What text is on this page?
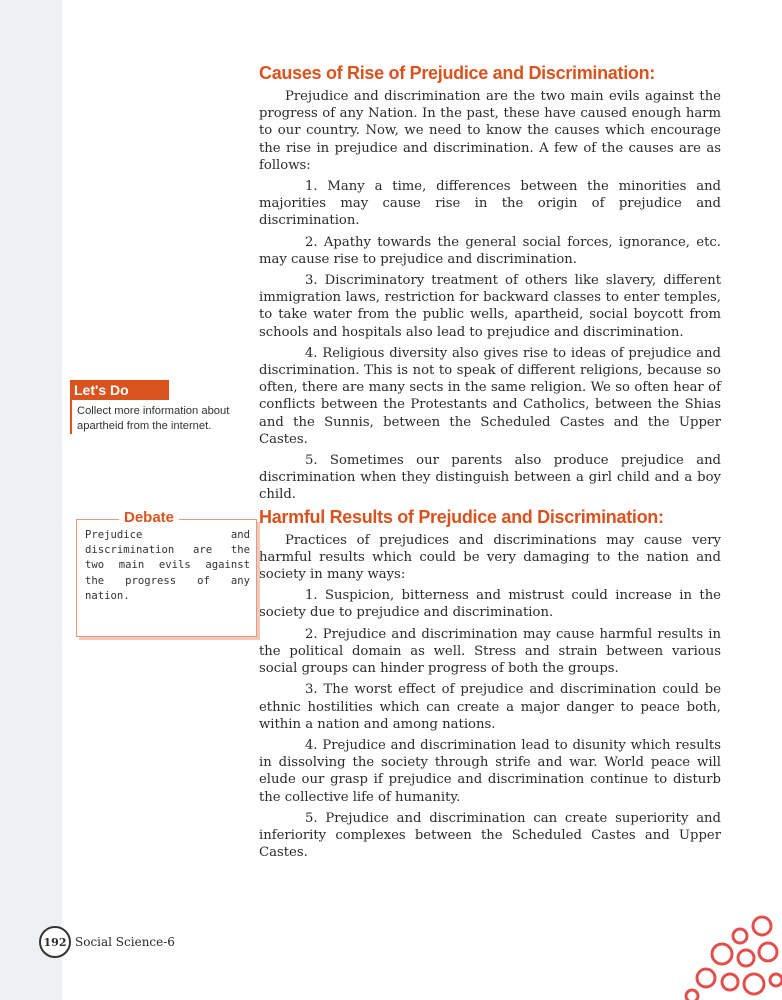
Causes of Rise of Prejudice and Discrimination:

Prejudice and discrimination are the two main evils against the progress of any Nation. In the past, these have caused enough harm to our country. Now, we need to know the causes which encourage the rise in prejudice and discrimination. A few of the causes are as follows:

1. Many a time, differences between the minorities and majorities may cause rise in the origin of prejudice and discrimination.

2. Apathy towards the general social forces, ignorance, etc. may cause rise to prejudice and discrimination.

3. Discriminatory treatment of others like slavery, different immigration laws, restriction for backward classes to enter temples, to take water from the public wells, apartheid, social boycott from schools and hospitals also lead to prejudice and discrimination.

4. Religious diversity also gives rise to ideas of prejudice and discrimination. This is not to speak of different religions, because so often, there are many sects in the same religion. We so often hear of conflicts between the Protestants and Catholics, between the Shias and the Sunnis, between the Scheduled Castes and the Upper Castes.

5. Sometimes our parents also produce prejudice and discrimination when they distinguish between a girl child and a boy child.

Harmful Results of Prejudice and Discrimination:

Practices of prejudices and discriminations may cause very harmful results which could be very damaging to the nation and society in many ways:

1. Suspicion, bitterness and mistrust could increase in the society due to prejudice and discrimination.

2. Prejudice and discrimination may cause harmful results in the political domain as well. Stress and strain between various social groups can hinder progress of both the groups.

3. The worst effect of prejudice and discrimination could be ethnic hostilities which can create a major danger to peace both, within a nation and among nations.

4. Prejudice and discrimination lead to disunity which results in dissolving the society through strife and war. World peace will elude our grasp if prejudice and discrimination continue to disturb the collective life of humanity.

5. Prejudice and discrimination can create superiority and inferiority complexes between the Scheduled Castes and Upper Castes.

Let's Do
Collect more information about apartheid from the internet.
Debate
Prejudice and discrimination are the two main evils against the progress of any nation.
192 Social Science-6
